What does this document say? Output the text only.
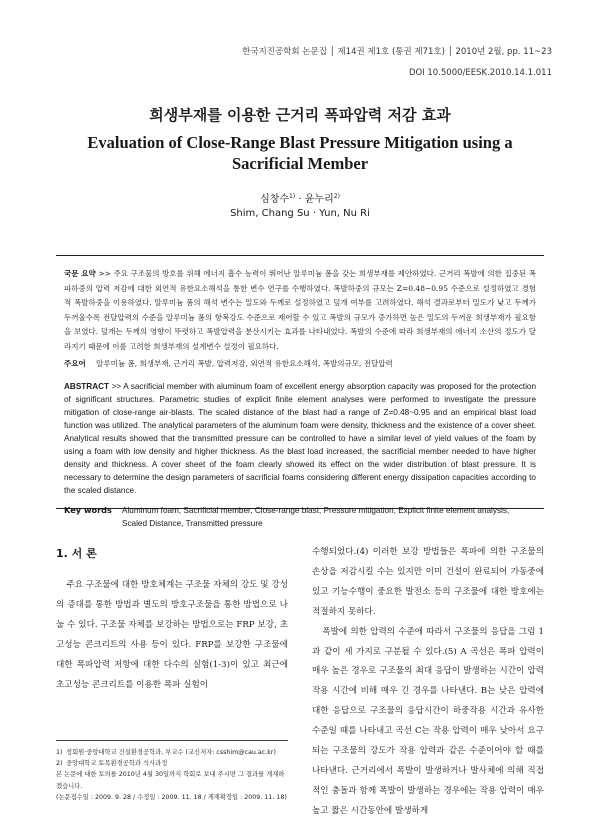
한국지진공학회 논문집 │ 제14권 제1호 (통권 제71호) │ 2010년 2월, pp. 11~23
DOI 10.5000/EESK.2010.14.1.011
희생부재를 이용한 근거리 폭파압력 저감 효과
Evaluation of Close-Range Blast Pressure Mitigation using a Sacrificial Member
심창수$^{1)}$ · 윤누리$^{2)}$
Shim, Chang Su · Yun, Nu Ri
국문 요약 >> 주요 구조물의 방호를 위해 에너지 흡수 능력이 뛰어난 알루미늄 폼을 갖는 희생부재를 제안하였다. 근거리 폭발에 의한 집중된 폭파하중의 압력 저감에 대한 외연적 유한요소해석을 통한 변수 연구를 수행하였다. 폭발하중의 규모는 Z=0.48~0.95 수준으로 설정하였고 경험적 폭발하중을 이용하였다. 알루미늄 폼의 해석 변수는 밀도와 두께로 설정하였고 덮개 여부를 고려하였다. 해석 결과로부터 밀도가 낮고 두께가 두꺼울수록 전달압력의 수준을 알루미늄 폼의 항복강도 수준으로 제어할 수 있고 폭발의 규모가 증가하면 높은 밀도의 두꺼운 희생부재가 필요함을 보였다. 덮개는 두께의 영향이 뚜렷하고 폭발압력을 분산시키는 효과를 나타내었다. 폭발의 수준에 따라 희생부재의 에너지 소산의 정도가 달라지기 때문에 이를 고려한 희생부재의 설계변수 설정이 필요하다.
주요어 알루미늄 폼, 희생부재, 근거리 폭발, 압력저감, 외연적 유한요소해석, 폭발의규모, 전달압력
ABSTRACT >> A sacrificial member with aluminum foam of excellent energy absorption capacity was proposed for the protection of significant structures. Parametric studies of explicit finite element analyses were performed to investigate the pressure mitigation of close-range air-blasts. The scaled distance of the blast had a range of Z=0.48~0.95 and an empirical blast load function was utilized. The analytical parameters of the aluminum foam were density, thickness and the existence of a cover sheet. Analytical results showed that the transmitted pressure can be controlled to have a similar level of yield values of the foam by using a foam with low density and higher thickness. As the blast load increased, the sacrificial member needed to have higher density and thickness. A cover sheet of the foam clearly showed its effect on the wider distribution of blast pressure. It is necessary to determine the design parameters of sacrificial foams considering different energy dissipation capacities according to the scaled distance.
Key words	Aluminum foam, Sacrificial member, Close-range blast, Pressure mitigation, Explicit finite element analysis, Scaled Distance, Transmitted pressure
1. 서 론

주요 구조물에 대한 방호체계는 구조물 자체의 강도 및 강성의 증대를 통한 방법과 별도의 방호구조물을 통한 방법으로 나눌 수 있다. 구조물 자체를 보강하는 방법으로는 FRP 보강, 초고성능 콘크리트의 사용 등이 있다. FRP를 보강한 구조물에 대한 폭파압력 저항에 대한 다수의 실험(1-3)이 있고 최근에 초고성능 콘크리트를 이용한 폭파 실험이

수행되었다.(4) 이러한 보강 방법들은 폭파에 의한 구조물의 손상을 저감시킬 수는 있지만 이미 건설이 완료되어 가동중에 있고 기능수행이 중요한 발전소 등의 구조물에 대한 방호에는 적절하지 못하다.

폭발에 의한 압력의 수준에 따라서 구조물의 응답을 그림 1과 같이 세 가지로 구분될 수 있다.(5) A 곡선은 폭파 압력이 매우 높은 경우로 구조물의 최대 응답이 발생하는 시간이 압력 작용 시간에 비해 매우 긴 경우를 나타낸다. B는 낮은 압력에 대한 응답으로 구조물의 응답시간이 하중작용 시간과 유사한 수준일 때를 나타내고 곡선 C는 작용 압력이 매우 낮아서 요구되는 구조물의 강도가 작용 압력과 같은 수준이어야 할 때를 나타낸다. 근거리에서 폭발이 발생하거나 발사체에 의해 직접적인 충돌과 함께 폭발이 발생하는 경우에는 작용 압력이 매우 높고 짧은 시간동안에 발생하게

1) 정회원·중앙대학교 건설환경공학과, 부교수 (교신저자: csshim@cau.ac.kr)
2) 중앙대학교 토목환경공학과 석사과정
본 논문에 대한 토의를 2010년 4월 30일까지 학회로 보내 주시면 그 결과를 게재하겠습니다.
(논문접수일 : 2009. 9. 28 / 수정일 : 2009. 11. 18 / 게재확정일 : 2009. 11. 18)
